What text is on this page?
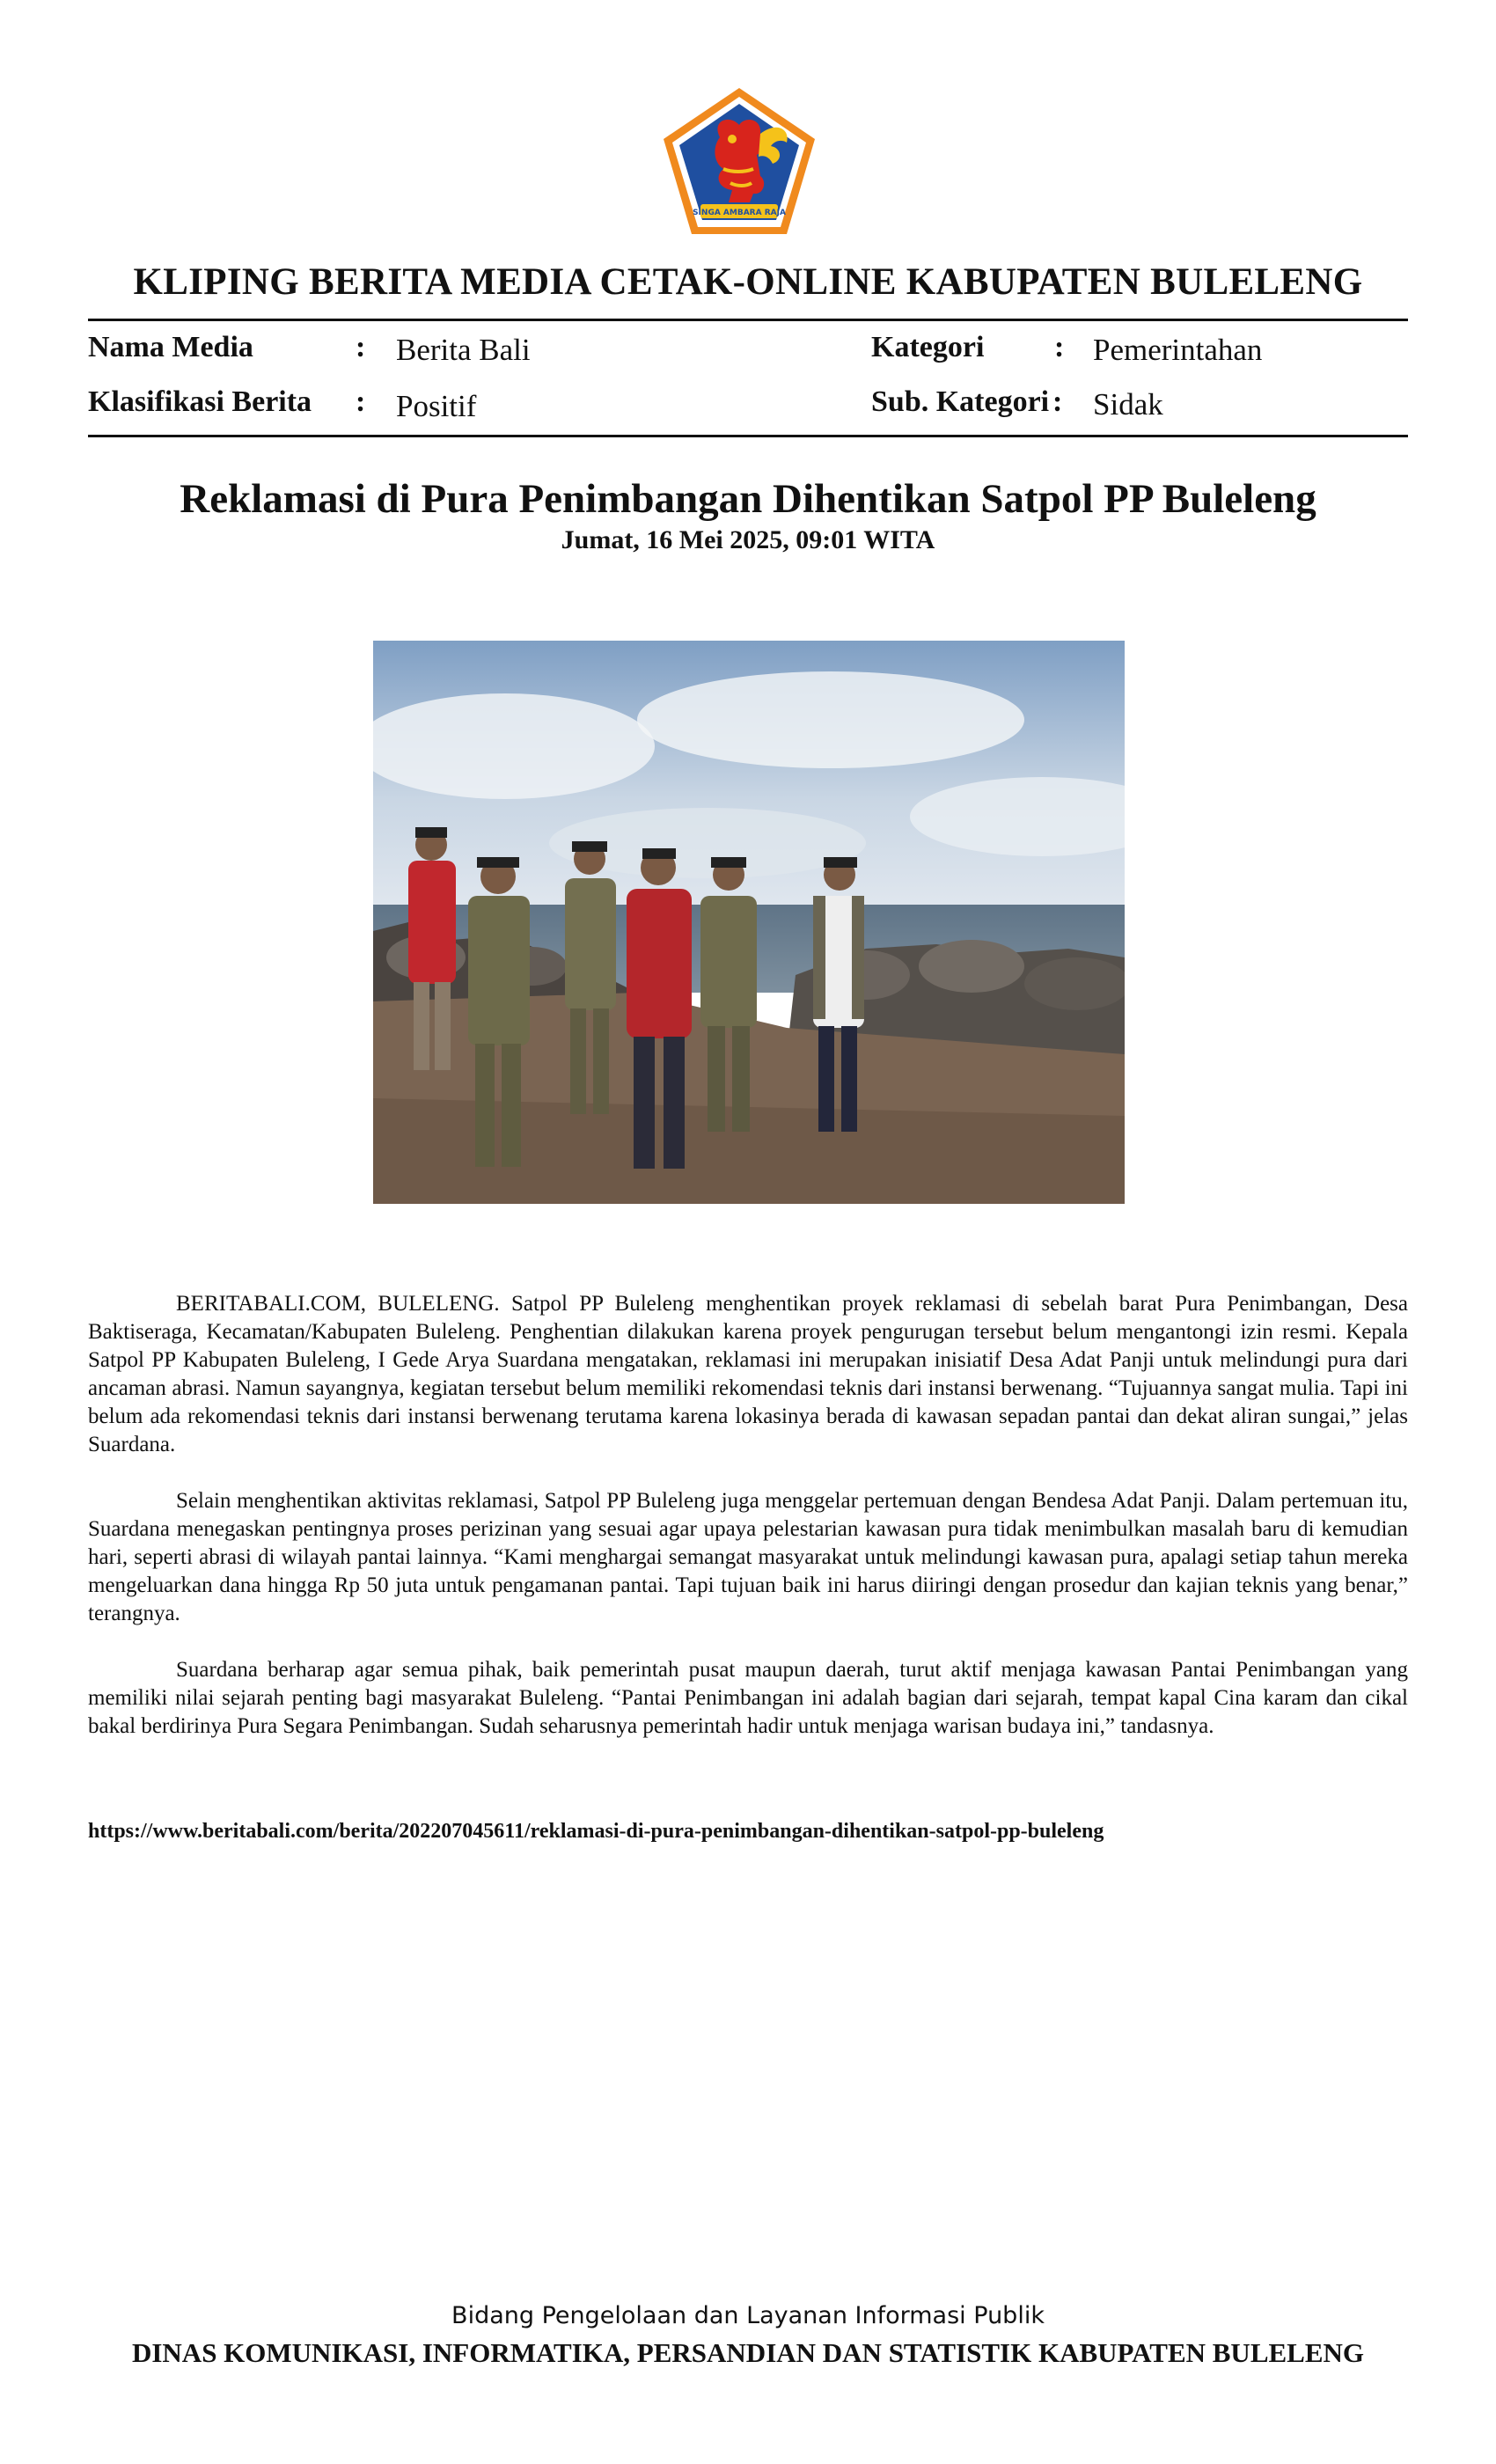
SINGA AMBARA RAJA
KLIPING BERITA MEDIA CETAK-ONLINE KABUPATEN BULELENG
Nama Media	: Berita Bali	Kategori : Pemerintahan
Klasifikasi Berita : Positif	Sub. Kategori : Sidak
Reklamasi di Pura Penimbangan Dihentikan Satpol PP Buleleng
Jumat, 16 Mei 2025, 09:01 WITA

BERITABALI.COM, BULELENG. Satpol PP Buleleng menghentikan proyek reklamasi di sebelah barat Pura Penimbangan, Desa Baktiseraga, Kecamatan/Kabupaten Buleleng. Penghentian dilakukan karena proyek pengurugan tersebut belum mengantongi izin resmi. Kepala Satpol PP Kabupaten Buleleng, I Gede Arya Suardana mengatakan, reklamasi ini merupakan inisiatif Desa Adat Panji untuk melindungi pura dari ancaman abrasi. Namun sayangnya, kegiatan tersebut belum memiliki rekomendasi teknis dari instansi berwenang. “Tujuannya sangat mulia. Tapi ini belum ada rekomendasi teknis dari instansi berwenang terutama karena lokasinya berada di kawasan sepadan pantai dan dekat aliran sungai,” jelas Suardana.

Selain menghentikan aktivitas reklamasi, Satpol PP Buleleng juga menggelar pertemuan dengan Bendesa Adat Panji. Dalam pertemuan itu, Suardana menegaskan pentingnya proses perizinan yang sesuai agar upaya pelestarian kawasan pura tidak menimbulkan masalah baru di kemudian hari, seperti abrasi di wilayah pantai lainnya. “Kami menghargai semangat masyarakat untuk melindungi kawasan pura, apalagi setiap tahun mereka mengeluarkan dana hingga Rp 50 juta untuk pengamanan pantai. Tapi tujuan baik ini harus diiringi dengan prosedur dan kajian teknis yang benar,” terangnya.

Suardana berharap agar semua pihak, baik pemerintah pusat maupun daerah, turut aktif menjaga kawasan Pantai Penimbangan yang memiliki nilai sejarah penting bagi masyarakat Buleleng. “Pantai Penimbangan ini adalah bagian dari sejarah, tempat kapal Cina karam dan cikal bakal berdirinya Pura Segara Penimbangan. Sudah seharusnya pemerintah hadir untuk menjaga warisan budaya ini,” tandasnya.

https://www.beritabali.com/berita/202207045611/reklamasi-di-pura-penimbangan-dihentikan-satpol-pp-buleleng
Bidang Pengelolaan dan Layanan Informasi Publik
DINAS KOMUNIKASI, INFORMATIKA, PERSANDIAN DAN STATISTIK KABUPATEN BULELENG
